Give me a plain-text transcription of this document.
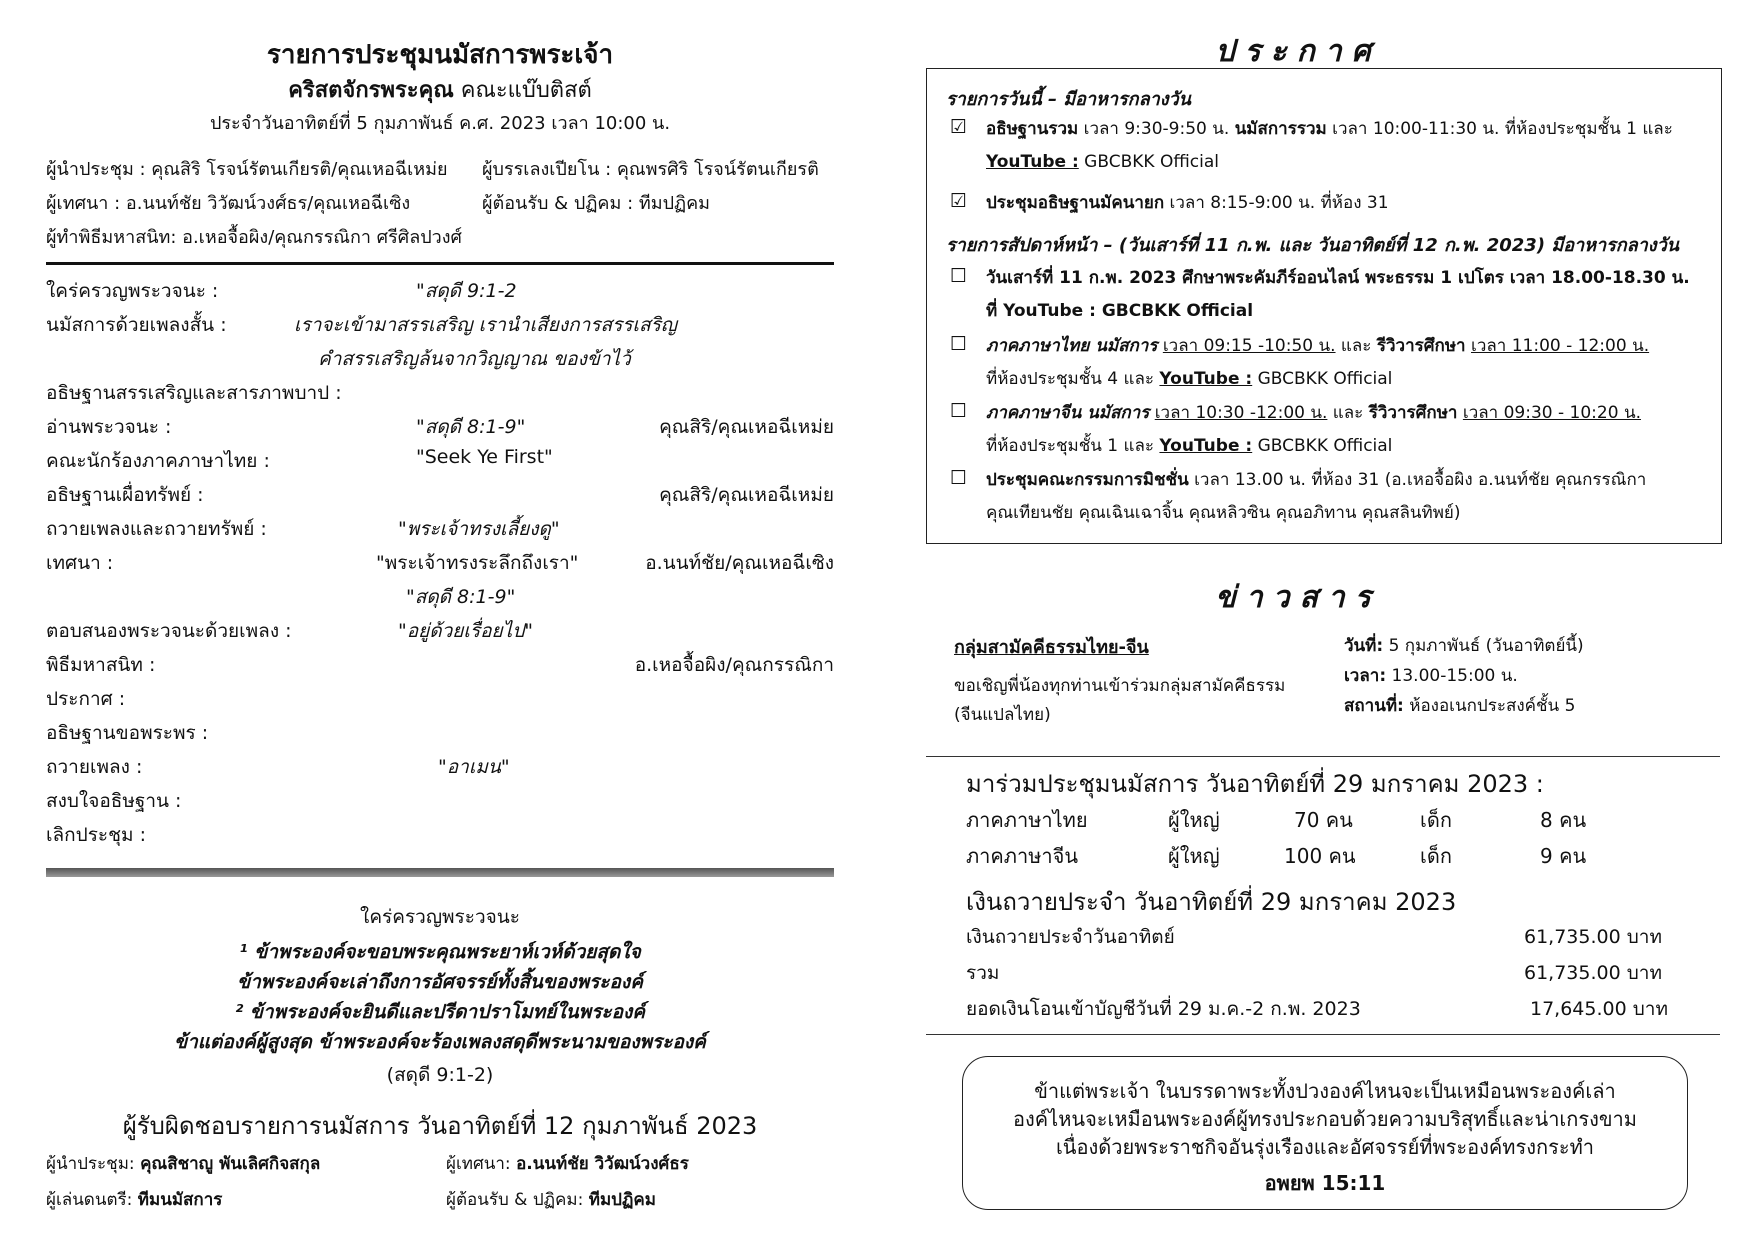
รายการประชุมนมัสการพระเจ้า
คริสตจักรพระคุณ คณะแบ๊บติสต์
ประจำวันอาทิตย์ที่ 5 กุมภาพันธ์ ค.ศ. 2023 เวลา 10:00 น.
ผู้นำประชุม : คุณสิริ โรจน์รัตนเกียรติ/คุณเหอฉีเหม่ย ผู้บรรเลงเปียโน : คุณพรศิริ โรจน์รัตนเกียรติ
ผู้เทศนา : อ.นนท์ชัย วิวัฒน์วงศ์ธร/คุณเหอฉีเซิง	ผู้ต้อนรับ & ปฏิคม : ทีมปฏิคม
ผู้ทำพิธีมหาสนิท: อ.เหอจื้อผิง/คุณกรรณิกา ศรีศิลปวงศ์
ใคร่ครวญพระวจนะ :	"สดุดี 9:1-2
นมัสการด้วยเพลงสั้น :	เราจะเข้ามาสรรเสริญ เรานำเสียงการสรรเสริญ
คำสรรเสริญล้นจากวิญญาณ ของข้าไว้
อธิษฐานสรรเสริญและสารภาพบาป :
อ่านพระวจนะ :	"สดุดี 8:1-9"	คุณสิริ/คุณเหอฉีเหม่ย
คณะนักร้องภาคภาษาไทย :	"Seek Ye First"
อธิษฐานเผื่อทรัพย์ :	คุณสิริ/คุณเหอฉีเหม่ย
ถวายเพลงและถวายทรัพย์ :	"พระเจ้าทรงเลี้ยงดู"
เทศนา :	"พระเจ้าทรงระลึกถึงเรา"	อ.นนท์ชัย/คุณเหอฉีเซิง
"สดุดี 8:1-9"
ตอบสนองพระวจนะด้วยเพลง :	"อยู่ด้วยเรื่อยไป"
พิธีมหาสนิท :	อ.เหอจื้อผิง/คุณกรรณิกา
ประกาศ :
อธิษฐานขอพระพร :
ถวายเพลง :	"อาเมน"
สงบใจอธิษฐาน :
เลิกประชุม :
ใคร่ครวญพระวจนะ
¹ ข้าพระองค์จะขอบพระคุณพระยาห์เวห์ด้วยสุดใจ
ข้าพระองค์จะเล่าถึงการอัศจรรย์ทั้งสิ้นของพระองค์
² ข้าพระองค์จะยินดีและปรีดาปราโมทย์ในพระองค์
ข้าแต่องค์ผู้สูงสุด ข้าพระองค์จะร้องเพลงสดุดีพระนามของพระองค์
(สดุดี 9:1-2)
ผู้รับผิดชอบรายการนมัสการ วันอาทิตย์ที่ 12 กุมภาพันธ์ 2023
ผู้นำประชุม: คุณสิชาญู พันเลิศกิจสกุล	ผู้เทศนา: อ.นนท์ชัย วิวัฒน์วงศ์ธร
ผู้เล่นดนตรี: ทีมนมัสการ	ผู้ต้อนรับ & ปฏิคม: ทีมปฏิคม
ประกาศ
รายการวันนี้ – มีอาหารกลางวัน
☑ อธิษฐานรวม เวลา 9:30-9:50 น. นมัสการรวม เวลา 10:00-11:30 น. ที่ห้องประชุมชั้น 1 และ
YouTube : GBCBKK Official
☑ ประชุมอธิษฐานมัคนายก เวลา 8:15-9:00 น. ที่ห้อง 31
รายการสัปดาห์หน้า – (วันเสาร์ที่ 11 ก.พ. และ วันอาทิตย์ที่ 12 ก.พ. 2023) มีอาหารกลางวัน
☐ วันเสาร์ที่ 11 ก.พ. 2023 ศึกษาพระคัมภีร์ออนไลน์ พระธรรม 1 เปโตร เวลา 18.00-18.30 น.
ที่ YouTube : GBCBKK Official
☐ ภาคภาษาไทย นมัสการ เวลา 09:15 -10:50 น. และ รีวิวารศึกษา เวลา 11:00 - 12:00 น.
ที่ห้องประชุมชั้น 4 และ YouTube : GBCBKK Official
☐ ภาคภาษาจีน นมัสการ เวลา 10:30 -12:00 น. และ รีวิวารศึกษา เวลา 09:30 - 10:20 น.
ที่ห้องประชุมชั้น 1 และ YouTube : GBCBKK Official
☐ ประชุมคณะกรรมการมิชชั่น เวลา 13.00 น. ที่ห้อง 31 (อ.เหอจื้อผิง อ.นนท์ชัย คุณกรรณิกา
คุณเทียนชัย คุณเฉินเฉาจิ้น คุณหลิวซิน คุณอภิทาน คุณสลินทิพย์)
ข่าวสาร
กลุ่มสามัคคีธรรมไทย-จีน
ขอเชิญพี่น้องทุกท่านเข้าร่วมกลุ่มสามัคคีธรรม
(จีนแปลไทย)
วันที่: 5 กุมภาพันธ์ (วันอาทิตย์นี้)
เวลา: 13.00-15:00 น.
สถานที่: ห้องอเนกประสงค์ชั้น 5
มาร่วมประชุมนมัสการ วันอาทิตย์ที่ 29 มกราคม 2023 :
ภาคภาษาไทย	ผู้ใหญ่	70 คน	เด็ก	8 คน
ภาคภาษาจีน	ผู้ใหญ่	100 คน	เด็ก	9 คน
เงินถวายประจำ วันอาทิตย์ที่ 29 มกราคม 2023
เงินถวายประจำวันอาทิตย์	61,735.00 บาท
รวม	61,735.00 บาท
ยอดเงินโอนเข้าบัญชีวันที่ 29 ม.ค.-2 ก.พ. 2023	17,645.00 บาท
ข้าแต่พระเจ้า ในบรรดาพระทั้งปวงองค์ไหนจะเป็นเหมือนพระองค์เล่า
องค์ไหนจะเหมือนพระองค์ผู้ทรงประกอบด้วยความบริสุทธิ์และน่าเกรงขาม
เนื่องด้วยพระราชกิจอันรุ่งเรืองและอัศจรรย์ที่พระองค์ทรงกระทำ
อพยพ 15:11
